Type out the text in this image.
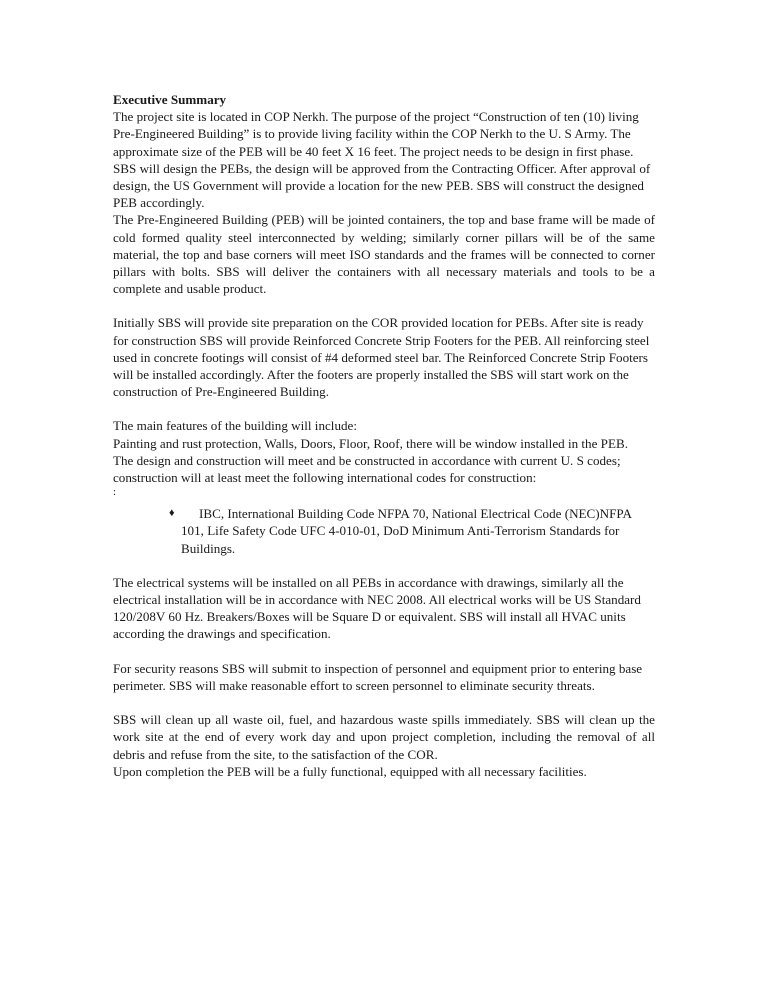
Executive Summary

The project site is located in COP Nerkh. The purpose of the project “Construction of ten (10) living Pre-Engineered Building” is to provide living facility within the COP Nerkh to the U. S Army. The approximate size of the PEB will be 40 feet X 16 feet. The project needs to be design in first phase. SBS will design the PEBs, the design will be approved from the Contracting Officer. After approval of design, the US Government will provide a location for the new PEB. SBS will construct the designed PEB accordingly.

The Pre-Engineered Building (PEB) will be jointed containers, the top and base frame will be made of cold formed quality steel interconnected by welding; similarly corner pillars will be of the same material, the top and base corners will meet ISO standards and the frames will be connected to corner pillars with bolts. SBS will deliver the containers with all necessary materials and tools to be a complete and usable product.

Initially SBS will provide site preparation on the COR provided location for PEBs. After site is ready for construction SBS will provide Reinforced Concrete Strip Footers for the PEB. All reinforcing steel used in concrete footings will consist of #4 deformed steel bar. The Reinforced Concrete Strip Footers will be installed accordingly. After the footers are properly installed the SBS will start work on the construction of Pre-Engineered Building.

The main features of the building will include:

Painting and rust protection, Walls, Doors, Floor, Roof, there will be window installed in the PEB.

The design and construction will meet and be constructed in accordance with current U. S codes; construction will at least meet the following international codes for construction:

:

♦	IBC, International Building Code NFPA 70, National Electrical Code (NEC)NFPA 101, Life Safety Code UFC 4-010-01, DoD Minimum Anti-Terrorism Standards for Buildings.

The electrical systems will be installed on all PEBs in accordance with drawings, similarly all the electrical installation will be in accordance with NEC 2008. All electrical works will be US Standard 120/208V 60 Hz. Breakers/Boxes will be Square D or equivalent. SBS will install all HVAC units according the drawings and specification.

For security reasons SBS will submit to inspection of personnel and equipment prior to entering base perimeter. SBS will make reasonable effort to screen personnel to eliminate security threats.

SBS will clean up all waste oil, fuel, and hazardous waste spills immediately. SBS will clean up the work site at the end of every work day and upon project completion, including the removal of all debris and refuse from the site, to the satisfaction of the COR.

Upon completion the PEB will be a fully functional, equipped with all necessary facilities.
